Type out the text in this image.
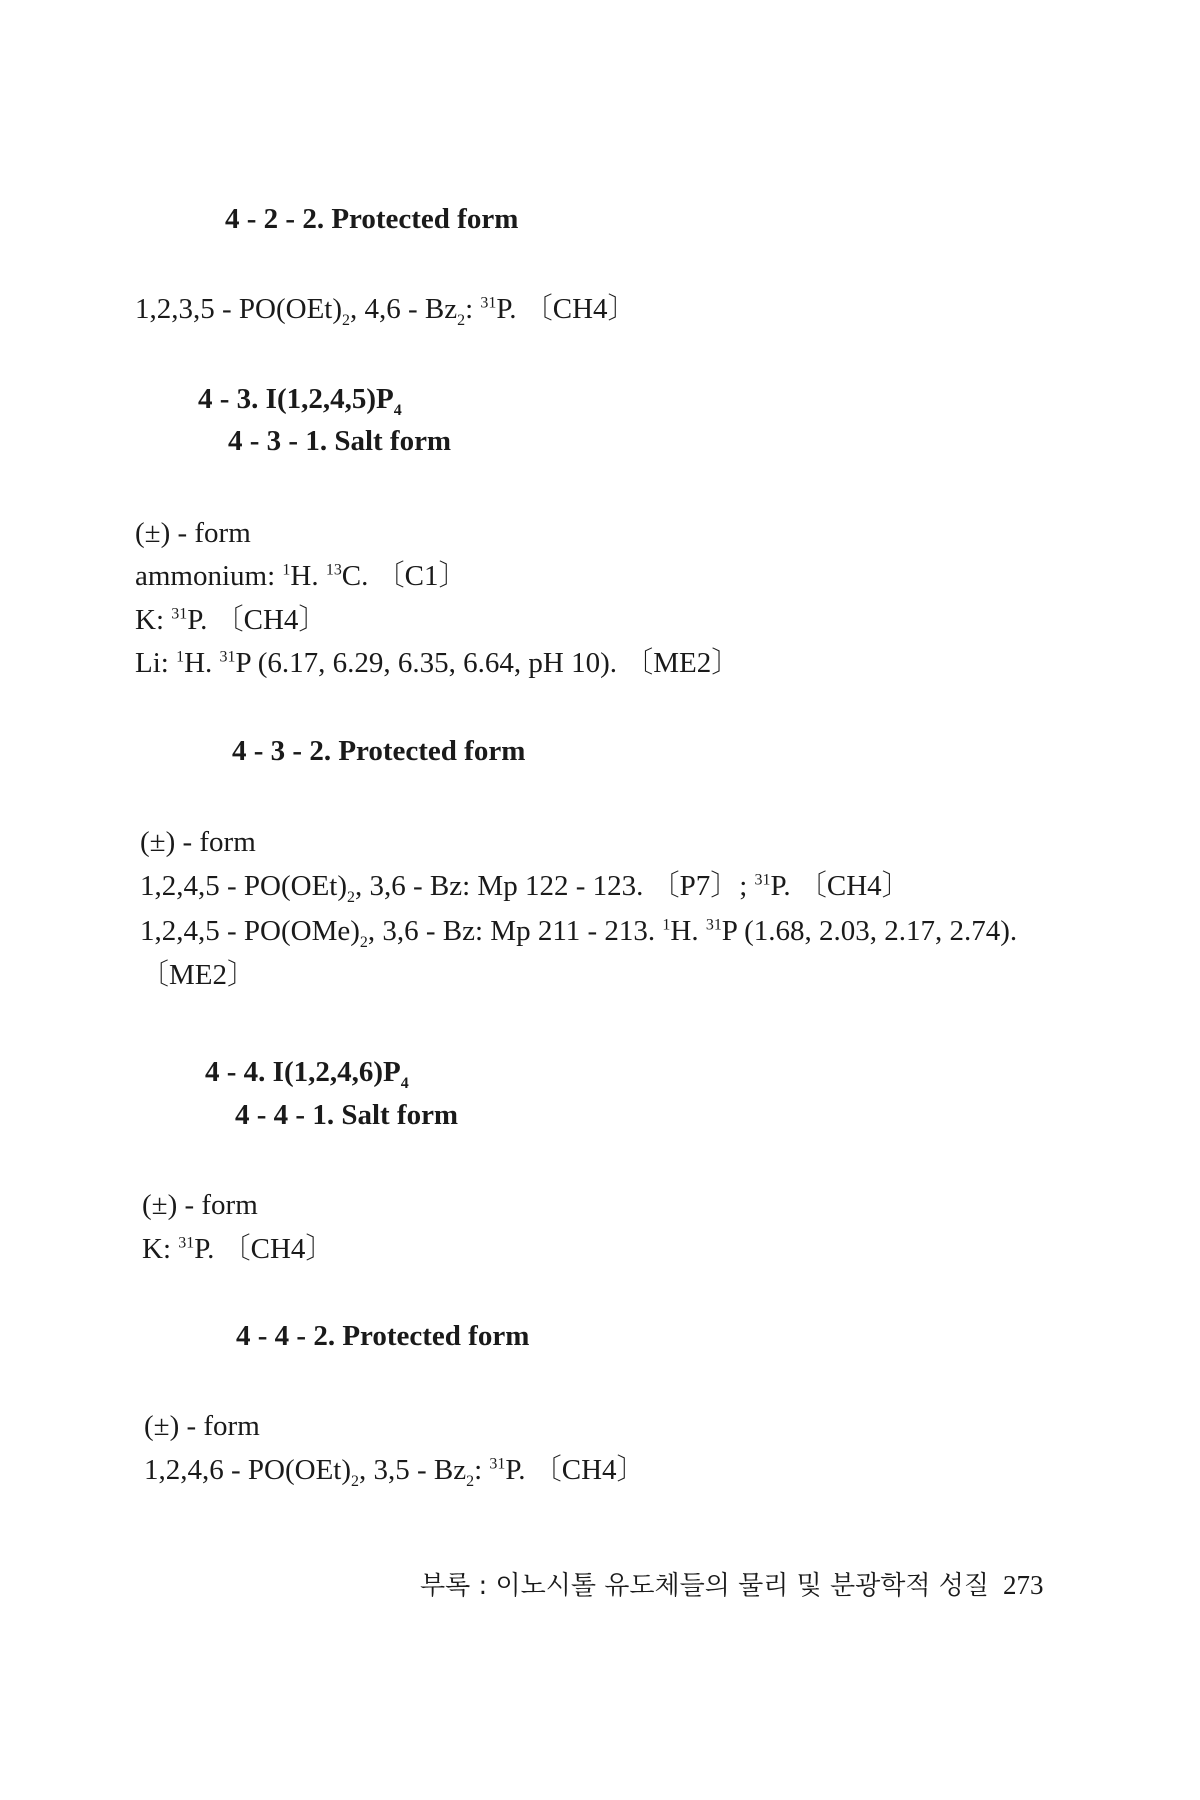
4 - 2 - 2. Protected form
$1,2,3,5 - PO(OEt)_2$, $4,6 - Bz_2$: $^{31}$P. 〔CH4〕
4 - 3. $I(1,2,4,5)P_4$
4 - 3 - 1. Salt form
(±) - form
ammonium: $^1$H. $^{13}$C. 〔C1〕
K: $^{31}$P. 〔CH4〕
Li: $^1$H. $^{31}$P (6.17, 6.29, 6.35, 6.64, pH 10). 〔ME2〕
4 - 3 - 2. Protected form
(±) - form
$1,2,4,5 - PO(OEt)_2$, 3,6 - Bz: Mp 122 - 123. 〔P7〕; $^{31}$P. 〔CH4〕
$1,2,4,5 - PO(OMe)_2$, 3,6 - Bz: Mp 211 - 213. $^1$H. $^{31}$P (1.68, 2.03, 2.17, 2.74).
〔ME2〕
4 - 4. $I(1,2,4,6)P_4$
4 - 4 - 1. Salt form
(±) - form
K: $^{31}$P. 〔CH4〕
4 - 4 - 2. Protected form
(±) - form
$1,2,4,6 - PO(OEt)_2$, $3,5 - Bz_2$: $^{31}$P. 〔CH4〕
부록 : 이노시톨 유도체들의 물리 및 분광학적 성질 273
